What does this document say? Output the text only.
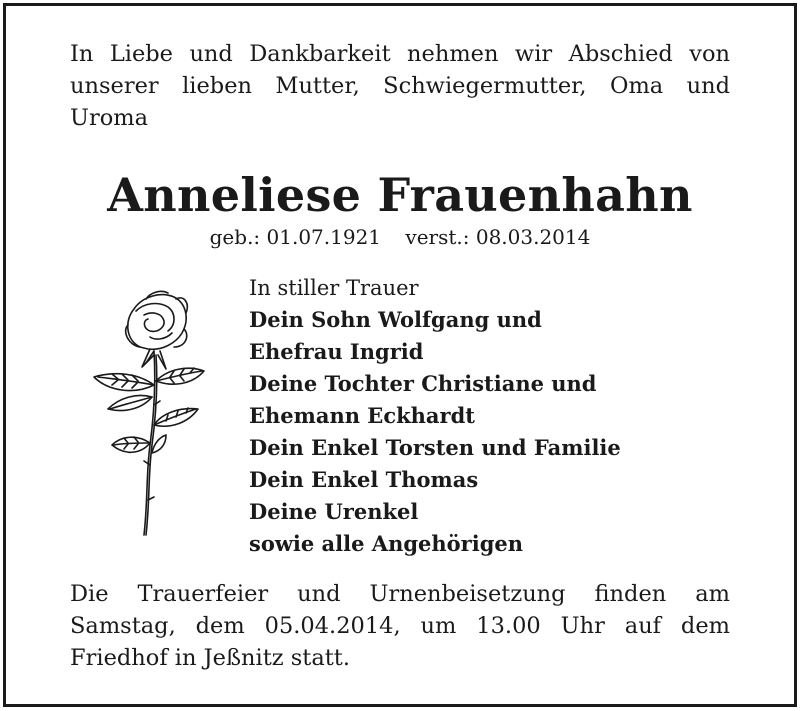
In Liebe und Dankbarkeit nehmen wir Abschied von unserer lieben Mutter, Schwiegermutter, Oma und Uroma

Anneliese Frauenhahn
geb.: 01.07.1921 verst.: 08.03.2014
In stiller Trauer
Dein Sohn Wolfgang und
Ehefrau Ingrid
Deine Tochter Christiane und
Ehemann Eckhardt
Dein Enkel Torsten und Familie
Dein Enkel Thomas
Deine Urenkel
sowie alle Angehörigen

Die Trauerfeier und Urnenbeisetzung finden am Samstag, dem 05.04.2014, um 13.00 Uhr auf dem Friedhof in Jeßnitz statt.
